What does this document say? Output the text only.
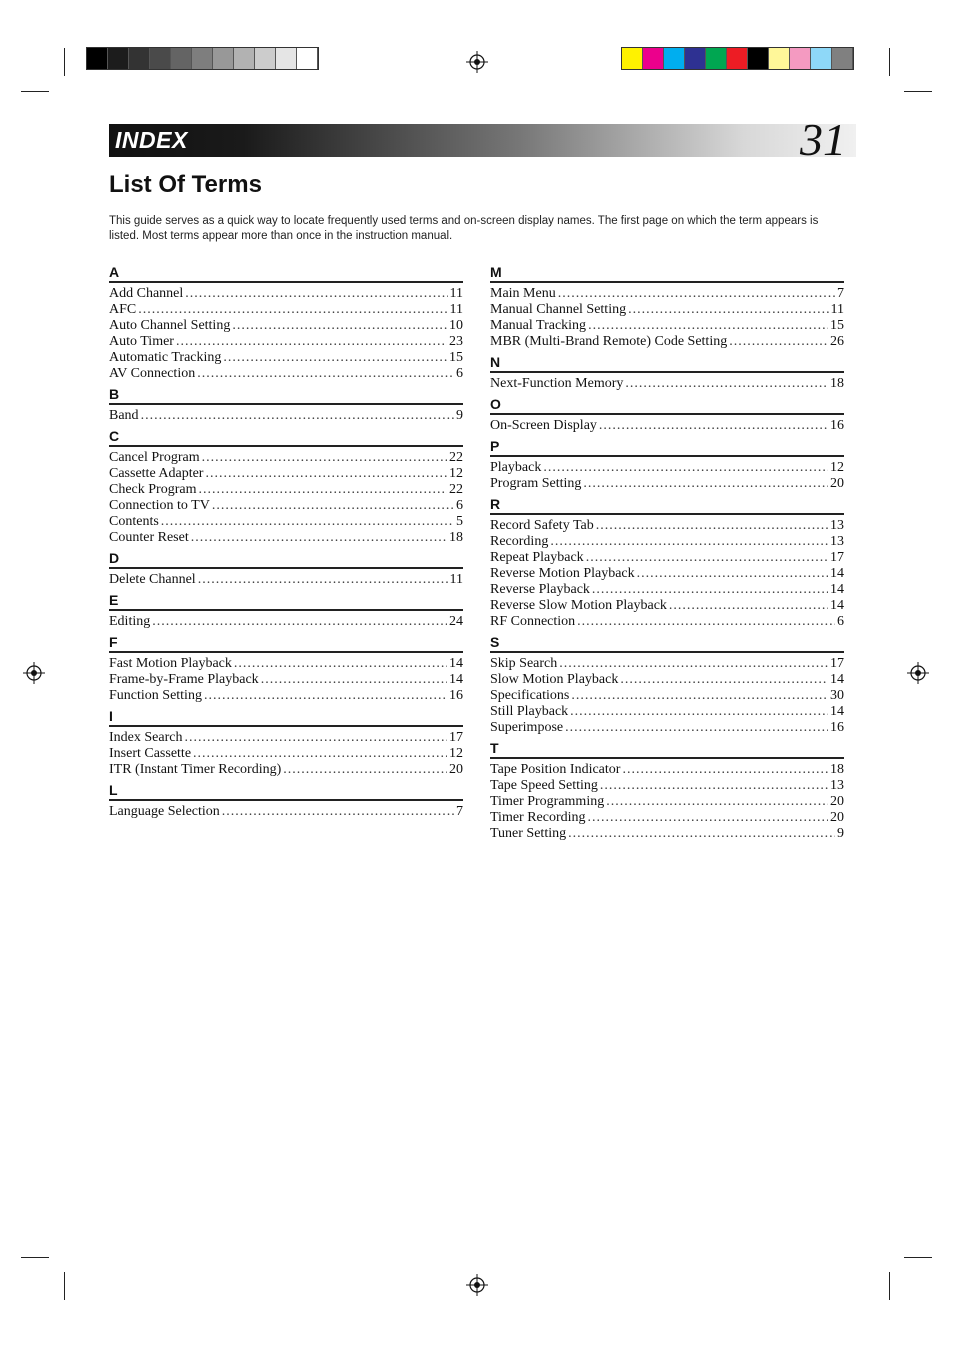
INDEX	31
List Of Terms
This guide serves as a quick way to locate frequently used terms and on-screen display names. The first page on which the term appears is listed. Most terms appear more than once in the instruction manual.
A
Add Channel .....	11
AFC .....	11
Auto Channel Setting .....	10
Auto Timer .....	23
Automatic Tracking .....	15
AV Connection .....	6
B
Band .....	9
C
Cancel Program .....	22
Cassette Adapter .....	12
Check Program .....	22
Connection to TV .....	6
Contents .....	5
Counter Reset .....	18
D
Delete Channel .....	11
E
Editing .....	24
F
Fast Motion Playback .....	14
Frame-by-Frame Playback .....	14
Function Setting .....	16
I
Index Search .....	17
Insert Cassette .....	12
ITR (Instant Timer Recording) .....	20
L
Language Selection .....	7
M
Main Menu .....	7
Manual Channel Setting .....	11
Manual Tracking .....	15
MBR (Multi-Brand Remote) Code Setting .....	26
N
Next-Function Memory .....	18
O
On-Screen Display .....	16
P
Playback .....	12
Program Setting .....	20
R
Record Safety Tab .....	13
Recording .....	13
Repeat Playback .....	17
Reverse Motion Playback .....	14
Reverse Playback .....	14
Reverse Slow Motion Playback .....	14
RF Connection .....	6
S
Skip Search .....	17
Slow Motion Playback .....	14
Specifications .....	30
Still Playback .....	14
Superimpose .....	16
T
Tape Position Indicator .....	18
Tape Speed Setting .....	13
Timer Programming .....	20
Timer Recording .....	20
Tuner Setting .....	9
